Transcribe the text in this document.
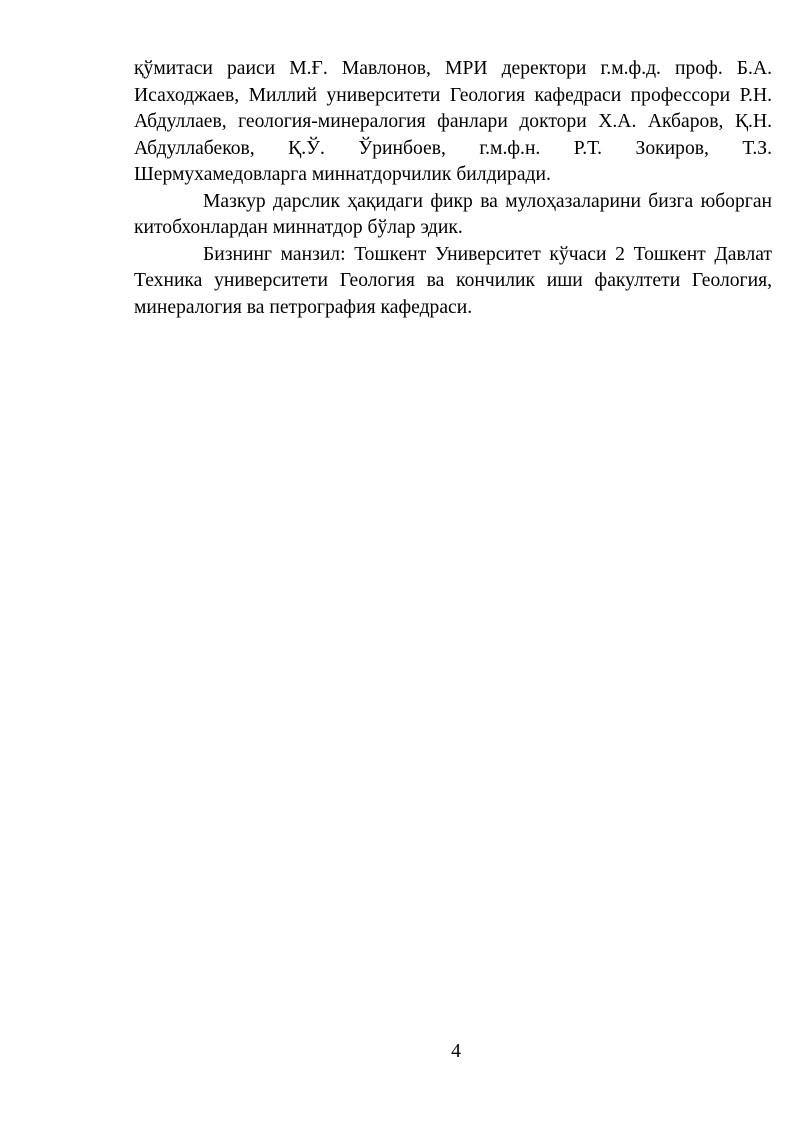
қўмитаси раиси М.Ғ. Мавлонов, МРИ деректори г.м.ф.д. проф. Б.А. Исаходжаев, Миллий университети Геология кафедраси профессори Р.Н. Абдуллаев, геология-минералогия фанлари доктори Х.А. Акбаров, Қ.Н. Абдуллабеков, Қ.Ў. Ўринбоев, г.м.ф.н. Р.Т. Зокиров, Т.З. Шермухамедовларга миннатдорчилик билдиради.

Мазкур дарслик ҳақидаги фикр ва мулоҳазаларини бизга юборган китобхонлардан миннатдор бўлар эдик.

Бизнинг манзил: Тошкент Университет кўчаси 2 Тошкент Давлат Техника университети Геология ва кончилик иши факултети Геология, минералогия ва петрография кафедраси.

4
